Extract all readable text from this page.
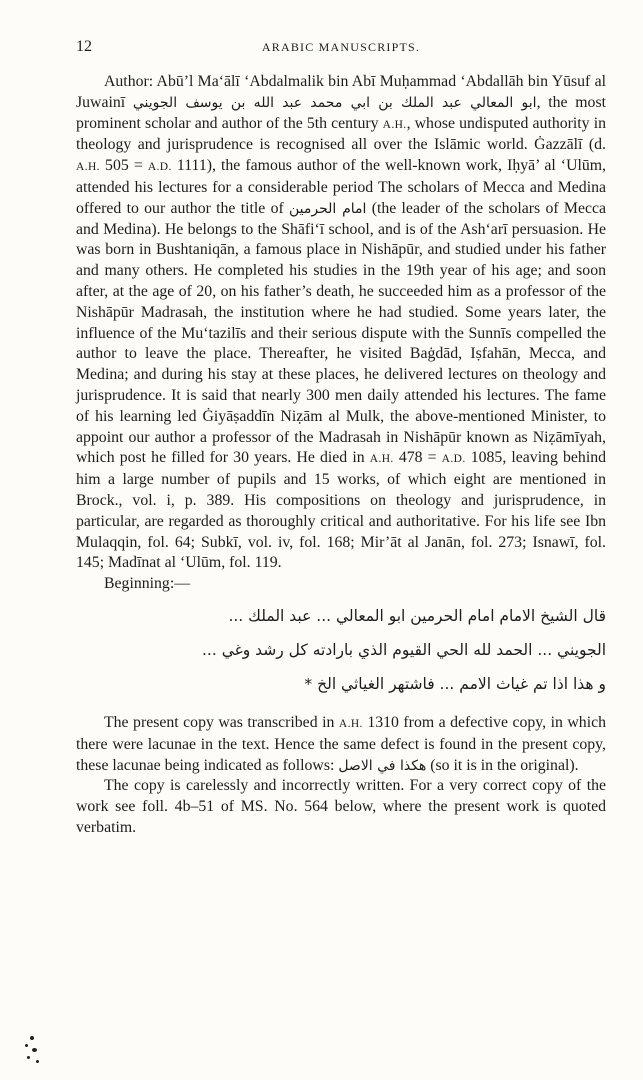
12	ARABIC MANUSCRIPTS.

Author: Abū’l Ma‘ālī ‘Abdalmalik bin Abī Muḥammad ‘Abdallāh bin Yūsuf al Juwainī ابو المعالي عبد الملك بن ابي محمد عبد الله بن يوسف الجويني, the most prominent scholar and author of the 5th century A.H., whose undisputed authority in theology and jurisprudence is recognised all over the Islāmic world. Ġazzālī (d. A.H. 505 = A.D. 1111), the famous author of the well-known work, Iḥyā’ al ‘Ulūm, attended his lectures for a considerable period The scholars of Mecca and Medina offered to our author the title of امام الحرمين (the leader of the scholars of Mecca and Medina). He belongs to the Shāfi‘ī school, and is of the Ash‘arī persuasion. He was born in Bushtaniqān, a famous place in Nishāpūr, and studied under his father and many others. He completed his studies in the 19th year of his age; and soon after, at the age of 20, on his father’s death, he succeeded him as a professor of the Nishāpūr Madrasah, the institution where he had studied. Some years later, the influence of the Mu‘tazilīs and their serious dispute with the Sunnīs compelled the author to leave the place. Thereafter, he visited Baġdād, Iṣfahān, Mecca, and Medina; and during his stay at these places, he delivered lectures on theology and jurisprudence. It is said that nearly 300 men daily attended his lectures. The fame of his learning led Ġiyāṣaddīn Niẓām al Mulk, the above-mentioned Minister, to appoint our author a professor of the Madrasah in Nishāpūr known as Niẓāmīyah, which post he filled for 30 years. He died in A.H. 478 = A.D. 1085, leaving behind him a large number of pupils and 15 works, of which eight are mentioned in Brock., vol. i, p. 389. His compositions on theology and jurisprudence, in particular, are regarded as thoroughly critical and authoritative. For his life see Ibn Mulaqqin, fol. 64; Subkī, vol. iv, fol. 168; Mir’āt al Janān, fol. 273; Isnawī, fol. 145; Madīnat al ‘Ulūm, fol. 119.

Beginning:—

قال الشيخ الامام امام الحرمين ابو المعالي ... عبد الملك ...
الجويني ... الحمد لله الحي القيوم الذي بارادته كل رشد وغي ...
و هذا اذا تم غياث الامم ... فاشتهر الغياثي الخ *

The present copy was transcribed in A.H. 1310 from a defective copy, in which there were lacunae in the text. Hence the same defect is found in the present copy, these lacunae being indicated as follows: هكذا في الاصل (so it is in the original).

The copy is carelessly and incorrectly written. For a very correct copy of the work see foll. 4b–51 of MS. No. 564 below, where the present work is quoted verbatim.
